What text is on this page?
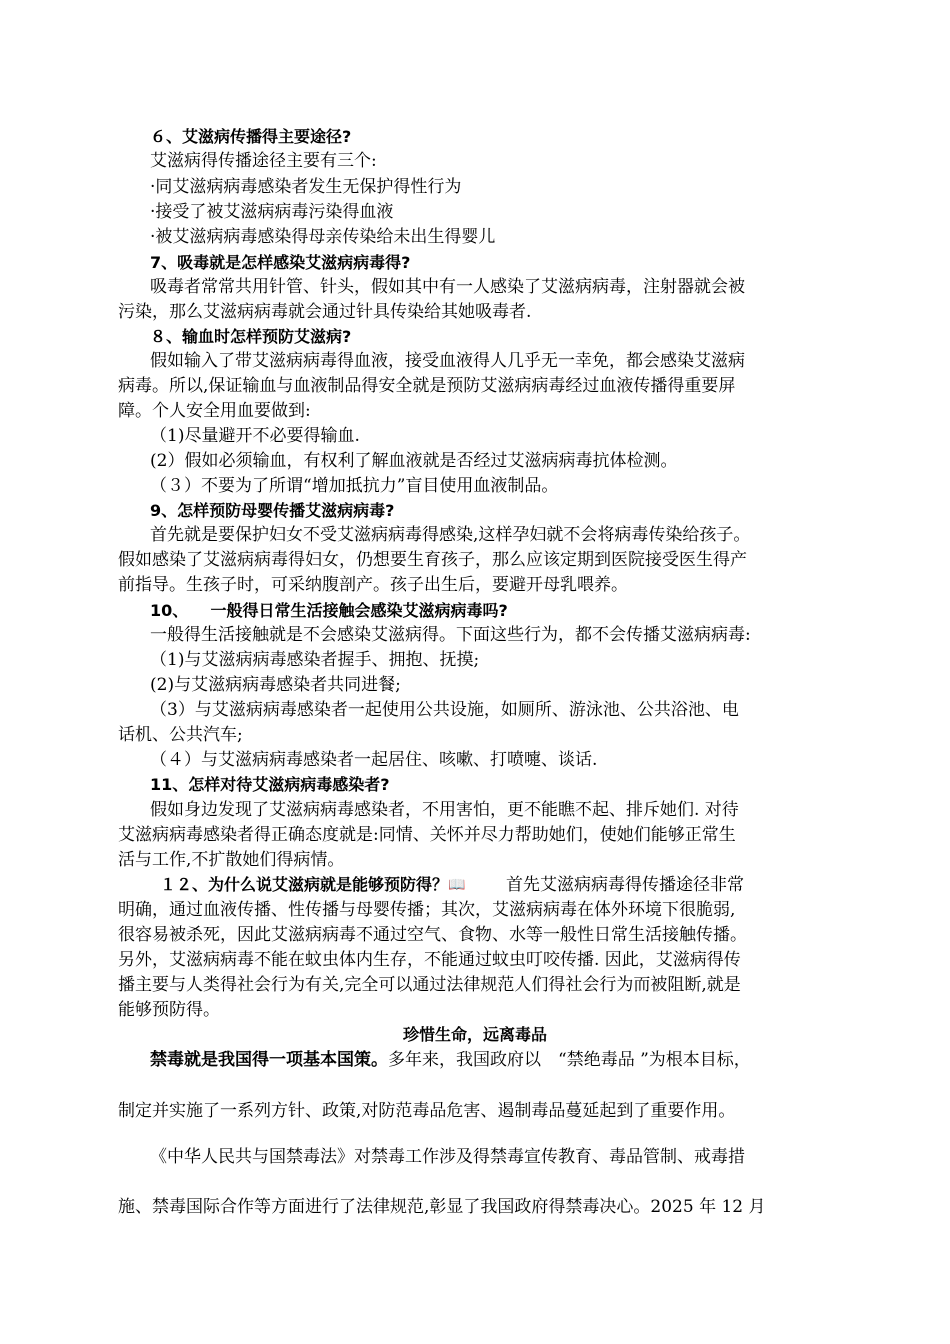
６、艾滋病传播得主要途径?
艾滋病得传播途径主要有三个:
·同艾滋病病毒感染者发生无保护得性行为
·接受了被艾滋病病毒污染得血液
·被艾滋病病毒感染得母亲传染给未出生得婴儿
7、吸毒就是怎样感染艾滋病病毒得?
吸毒者常常共用针管、针头，假如其中有一人感染了艾滋病病毒，注射器就会被
污染，那么艾滋病病毒就会通过针具传染给其她吸毒者.
８、输血时怎样预防艾滋病?
假如输入了带艾滋病病毒得血液，接受血液得人几乎无一幸免，都会感染艾滋病
病毒。所以,保证输血与血液制品得安全就是预防艾滋病病毒经过血液传播得重要屏
障。个人安全用血要做到:
（1)尽量避开不必要得输血.
(2）假如必须输血，有权利了解血液就是否经过艾滋病病毒抗体检测。
（３）不要为了所谓“增加抵抗力”盲目使用血液制品。
9、怎样预防母婴传播艾滋病病毒?
首先就是要保护妇女不受艾滋病病毒得感染,这样孕妇就不会将病毒传染给孩子。
假如感染了艾滋病病毒得妇女，仍想要生育孩子，那么应该定期到医院接受医生得产
前指导。生孩子时，可采纳腹剖产。孩子出生后，要避开母乳喂养。
10、    一般得日常生活接触会感染艾滋病病毒吗?
一般得生活接触就是不会感染艾滋病得。下面这些行为，都不会传播艾滋病病毒:
（1)与艾滋病病毒感染者握手、拥抱、抚摸;
(2)与艾滋病病毒感染者共同进餐;
（3）与艾滋病病毒感染者一起使用公共设施，如厕所、游泳池、公共浴池、电
话机、公共汽车;
（４）与艾滋病病毒感染者一起居住、咳嗽、打喷嚏、谈话.
11、怎样对待艾滋病病毒感染者?
假如身边发现了艾滋病病毒感染者，不用害怕，更不能瞧不起、排斥她们. 对待
艾滋病病毒感染者得正确态度就是:同情、关怀并尽力帮助她们，使她们能够正常生
活与工作,不扩散她们得病情。
１２、为什么说艾滋病就是能够预防得？📖 首先艾滋病病毒得传播途径非常
明确，通过血液传播、性传播与母婴传播；其次，艾滋病病毒在体外环境下很脆弱,
很容易被杀死，因此艾滋病病毒不通过空气、食物、水等一般性日常生活接触传播。
另外，艾滋病病毒不能在蚊虫体内生存，不能通过蚊虫叮咬传播. 因此，艾滋病得传
播主要与人类得社会行为有关,完全可以通过法律规范人们得社会行为而被阻断,就是
能够预防得。
珍惜生命，远离毒品
禁毒就是我国得一项基本国策。多年来，我国政府以　“禁绝毒品 ”为根本目标，
制定并实施了一系列方针、政策,对防范毒品危害、遏制毒品蔓延起到了重要作用。
《中华人民共与国禁毒法》对禁毒工作涉及得禁毒宣传教育、毒品管制、戒毒措
施、禁毒国际合作等方面进行了法律规范,彰显了我国政府得禁毒决心。2025 年 12 月
